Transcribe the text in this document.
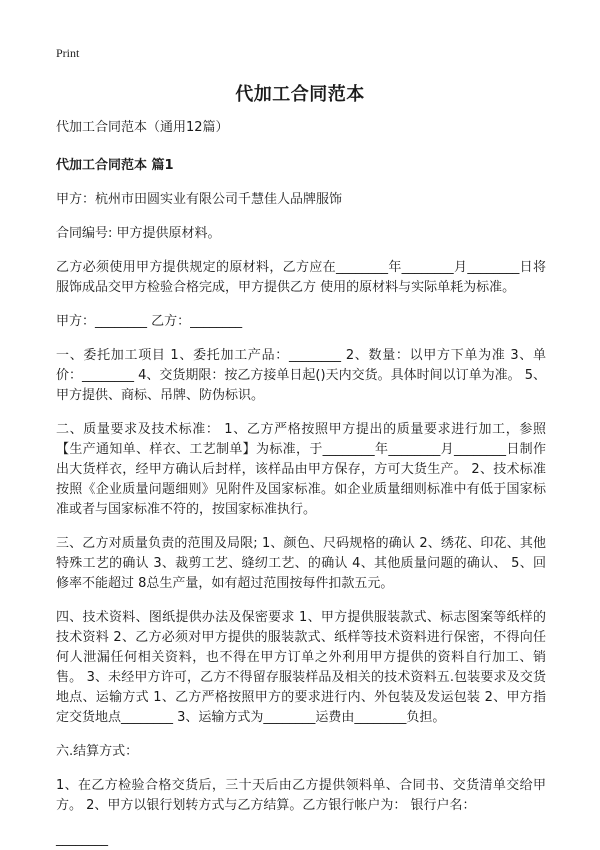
Print
代加工合同范本

代加工合同范本（通用12篇）

代加工合同范本 篇1

甲方：杭州市田圆实业有限公司千慧佳人品牌服饰

合同编号: 甲方提供原材料。

乙方必须使用甲方提供规定的原材料，乙方应在________年________月________日将服饰成品交甲方检验合格完成，甲方提供乙方 使用的原材料与实际单耗为标准。

甲方：________ 乙方：________

一、委托加工项目 1、委托加工产品：________ 2、数量：以甲方下单为准 3、单价：________ 4、交货期限：按乙方接单日起()天内交货。具体时间以订单为准。 5、甲方提供、商标、吊牌、防伪标识。

二、质量要求及技术标准： 1、乙方严格按照甲方提出的质量要求进行加工，参照【生产通知单、样衣、工艺制单】为标准，于________年________月________日制作出大货样衣，经甲方确认后封样，该样品由甲方保存，方可大货生产。 2、技术标准按照《企业质量问题细则》见附件及国家标准。如企业质量细则标准中有低于国家标准或者与国家标准不符的，按国家标准执行。

三、乙方对质量负责的范围及局限; 1、颜色、尺码规格的确认 2、绣花、印花、其他特殊工艺的确认 3、裁剪工艺、缝纫工艺、的确认 4、其他质量问题的确认、 5、回修率不能超过 8总生产量，如有超过范围按每件扣款五元。

四、技术资料、图纸提供办法及保密要求 1、甲方提供服装款式、标志图案等纸样的技术资料 2、乙方必须对甲方提供的服装款式、纸样等技术资料进行保密，不得向任何人泄漏任何相关资料，也不得在甲方订单之外利用甲方提供的资料自行加工、销售。 3、未经甲方许可，乙方不得留存服装样品及相关的技术资料五.包装要求及交货地点、运输方式 1、乙方严格按照甲方的要求进行内、外包装及发运包装 2、甲方指定交货地点________ 3、运输方式为________运费由________负担。

六.结算方式：

1、在乙方检验合格交货后，三十天后由乙方提供领料单、合同书、交货清单交给甲方。 2、甲方以银行划转方式与乙方结算。乙方银行帐户为： 银行户名：

________
